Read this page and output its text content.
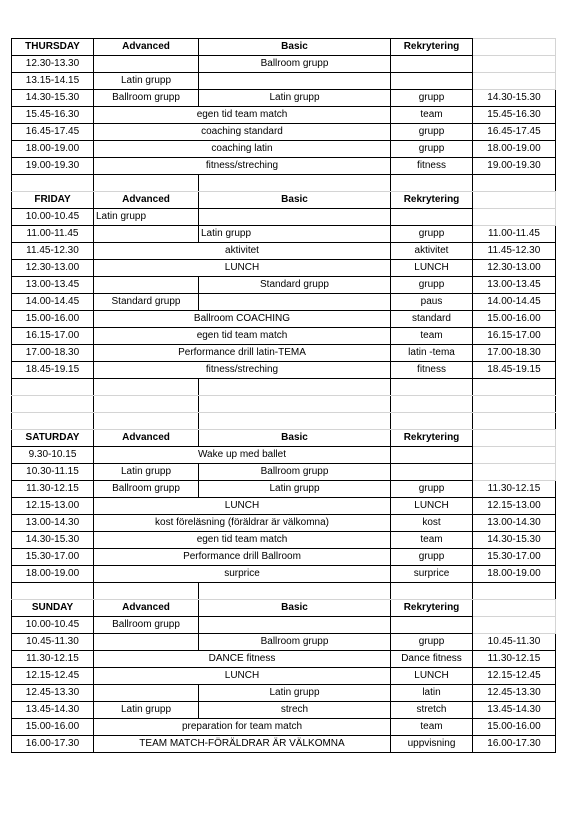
THURSDAY	Advanced	Basic	Rekrytering	
12.30-13.30		Ballroom grupp		
13.15-14.15	Latin grupp			
14.30-15.30	Ballroom grupp	Latin grupp	grupp	14.30-15.30
15.45-16.30	egen tid team match		team	15.45-16.30
16.45-17.45	coaching standard		grupp	16.45-17.45
18.00-19.00	coaching latin		grupp	18.00-19.00
19.00-19.30	fitness/streching		fitness	19.00-19.30

FRIDAY	Advanced	Basic	Rekrytering	
10.00-10.45	Latin grupp			
11.00-11.45		Latin grupp	grupp	11.00-11.45
11.45-12.30	aktivitet		aktivitet	11.45-12.30
12.30-13.00	LUNCH		LUNCH	12.30-13.00
13.00-13.45		Standard grupp	grupp	13.00-13.45
14.00-14.45	Standard grupp		paus	14.00-14.45
15.00-16.00	Ballroom COACHING		standard	15.00-16.00
16.15-17.00	egen tid team match		team	16.15-17.00
17.00-18.30	Performance drill latin-TEMA		latin -tema	17.00-18.30
18.45-19.15	fitness/streching		fitness	18.45-19.15

SATURDAY	Advanced	Basic	Rekrytering	
9.30-10.15	Wake up med ballet			
10.30-11.15	Latin grupp	Ballroom grupp		
11.30-12.15	Ballroom grupp	Latin grupp	grupp	11.30-12.15
12.15-13.00	LUNCH		LUNCH	12.15-13.00
13.00-14.30	kost föreläsning (föräldrar är välkomna)		kost	13.00-14.30
14.30-15.30	egen tid team match		team	14.30-15.30
15.30-17.00	Performance drill Ballroom		grupp	15.30-17.00
18.00-19.00	surprice		surprice	18.00-19.00

SUNDAY	Advanced	Basic	Rekrytering	
10.00-10.45	Ballroom grupp			
10.45-11.30		Ballroom grupp	grupp	10.45-11.30
11.30-12.15	DANCE fitness		Dance fitness	11.30-12.15
12.15-12.45	LUNCH		LUNCH	12.15-12.45
12.45-13.30		Latin grupp	latin	12.45-13.30
13.45-14.30	Latin grupp	strech	stretch	13.45-14.30
15.00-16.00	preparation for team match		team	15.00-16.00
16.00-17.30	TEAM MATCH-FÖRÄLDRAR ÄR VÄLKOMNA		uppvisning	16.00-17.30
